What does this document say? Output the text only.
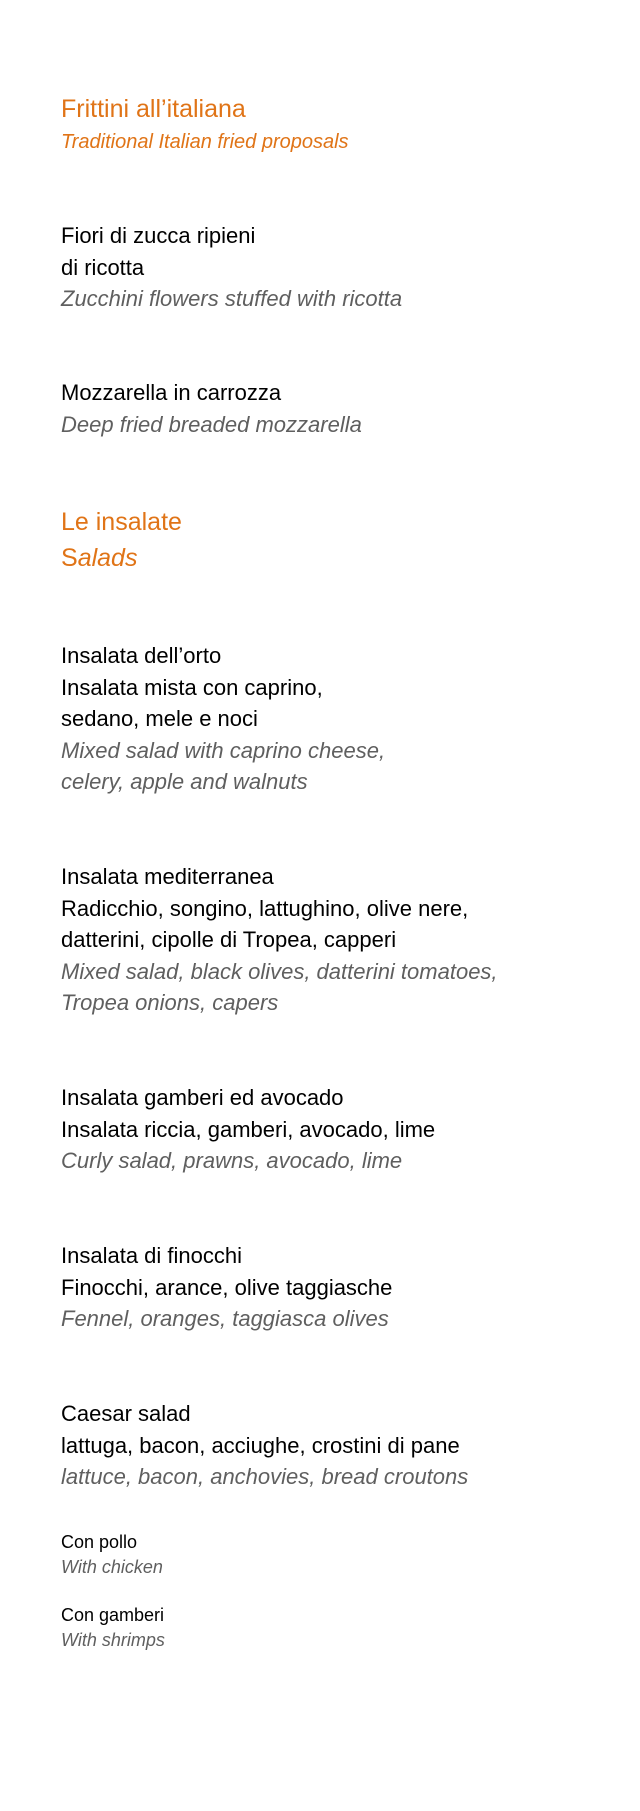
Frittini all’italiana
Traditional Italian fried proposals
Fiori di zucca ripieni
di ricotta
Zucchini flowers stuffed with ricotta
Mozzarella in carrozza
Deep fried breaded mozzarella
Le insalate
Salads
Insalata dell’orto
Insalata mista con caprino,
sedano, mele e noci
Mixed salad with caprino cheese,
celery, apple and walnuts
Insalata mediterranea
Radicchio, songino, lattughino, olive nere,
datterini, cipolle di Tropea, capperi
Mixed salad, black olives, datterini tomatoes,
Tropea onions, capers
Insalata gamberi ed avocado
Insalata riccia, gamberi, avocado, lime
Curly salad, prawns, avocado, lime
Insalata di finocchi
Finocchi, arance, olive taggiasche
Fennel, oranges, taggiasca olives
Caesar salad
lattuga, bacon, acciughe, crostini di pane
lattuce, bacon, anchovies, bread croutons
Con pollo
With chicken
Con gamberi
With shrimps
